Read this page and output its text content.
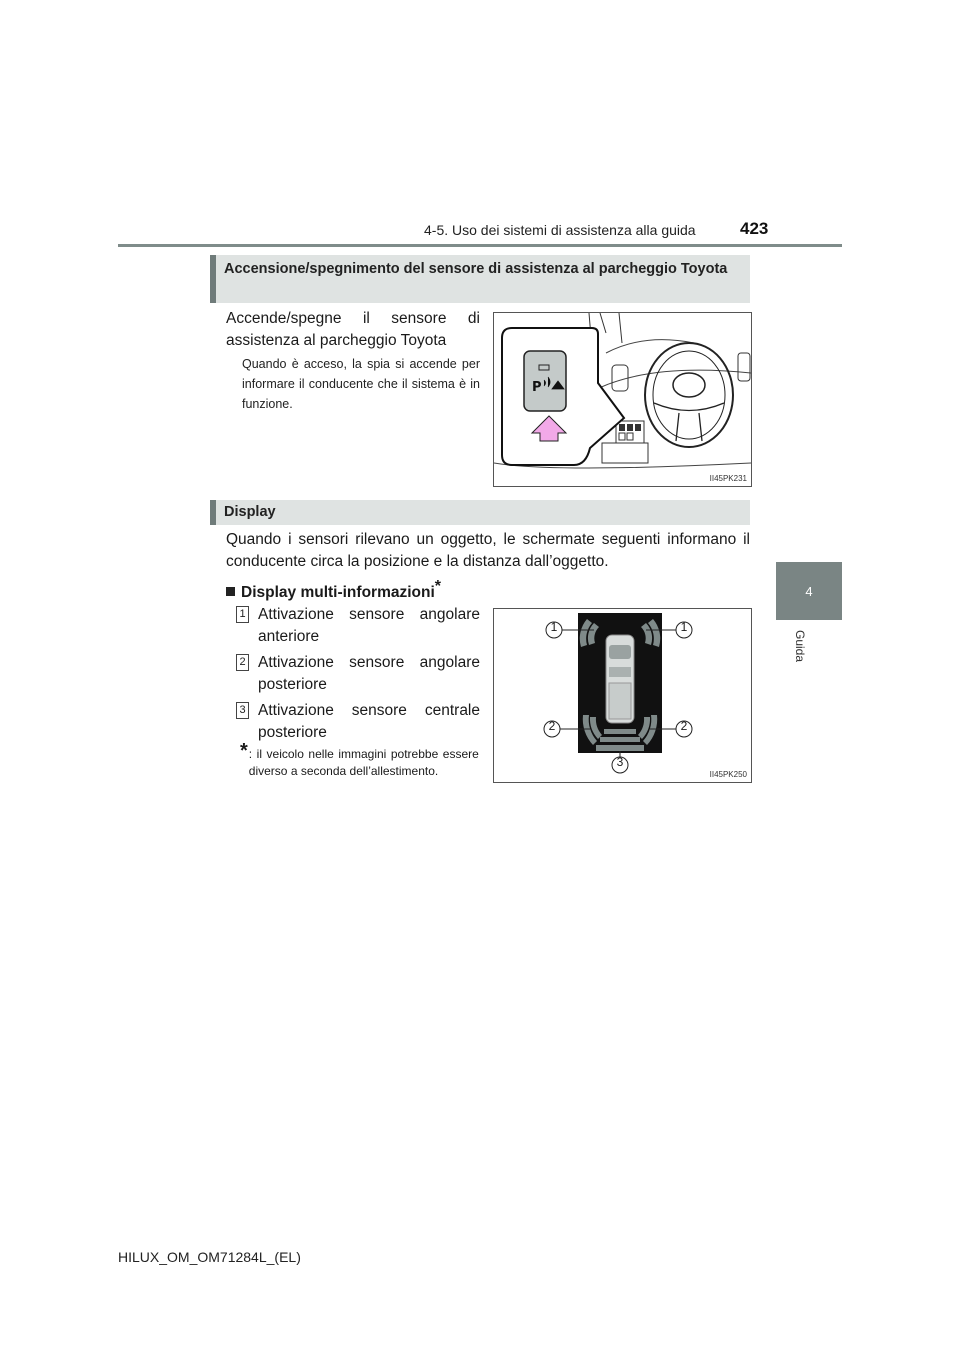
4-5. Uso dei sistemi di assistenza alla guida	423
4
Guida
Accensione/spegnimento del sensore di assistenza al parcheggio Toyota
Accende/spegne il sensore di assistenza al parcheggio Toyota
Quando è acceso, la spia si accende per informare il conducente che il sistema è in funzione.
P
II45PK231
Display
Quando i sensori rilevano un oggetto, le schermate seguenti informano il conducente circa la posizione e la distanza dall’oggetto.
Display multi-informazioni*
1 Attivazione sensore angolare anteriore
2 Attivazione sensore angolare posteriore
3 Attivazione sensore centrale posteriore
* : il veicolo nelle immagini potrebbe essere diverso a seconda dell’allestimento.
1	1
2	2
3
II45PK250
HILUX_OM_OM71284L_(EL)
